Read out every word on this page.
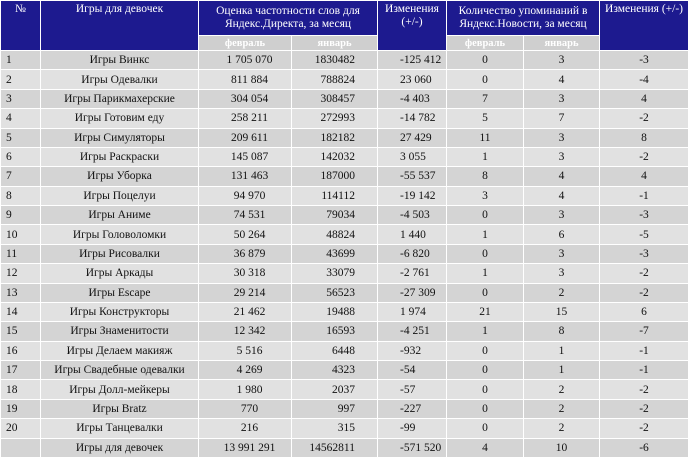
№	Игры для девочек	Оценка частотности слов для Яндекс.Директа, за месяц		Изменения (+/-)	Количество упоминаний в Яндекс.Новости, за месяц		Изменения (+/-)
		февраль	январь		февраль	январь	
1	Игры Винкс	1 705 070	1830482	-125 412	0	3	-3
2	Игры Одевалки	811 884	788824	23 060	0	4	-4
3	Игры Парикмахерские	304 054	308457	-4 403	7	3	4
4	Игры Готовим еду	258 211	272993	-14 782	5	7	-2
5	Игры Симуляторы	209 611	182182	27 429	11	3	8
6	Игры Раскраски	145 087	142032	3 055	1	3	-2
7	Игры Уборка	131 463	187000	-55 537	8	4	4
8	Игры Поцелуи	94 970	114112	-19 142	3	4	-1
9	Игры Аниме	74 531	79034	-4 503	0	3	-3
10	Игры Головоломки	50 264	48824	1 440	1	6	-5
11	Игры Рисовалки	36 879	43699	-6 820	0	3	-3
12	Игры Аркады	30 318	33079	-2 761	1	3	-2
13	Игры Escape	29 214	56523	-27 309	0	2	-2
14	Игры Конструкторы	21 462	19488	1 974	21	15	6
15	Игры Знаменитости	12 342	16593	-4 251	1	8	-7
16	Игры Делаем макияж	5 516	6448	-932	0	1	-1
17	Игры Свадебные одевалки	4 269	4323	-54	0	1	-1
18	Игры Долл-мейкеры	1 980	2037	-57	0	2	-2
19	Игры Bratz	770	997	-227	0	2	-2
20	Игры Танцевалки	216	315	-99	0	2	-2
	Игры для девочек	13 991 291	14562811	-571 520	4	10	-6
